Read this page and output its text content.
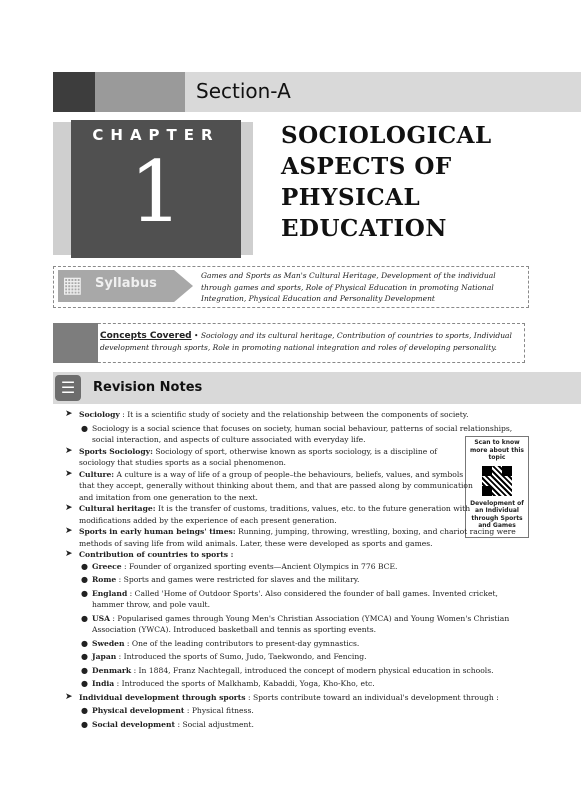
Section-A
CHAPTER
1
SOCIOLOGICAL
ASPECTS OF
PHYSICAL
EDUCATION
▦ Syllabus
Games and Sports as Man's Cultural Heritage, Development of the individual through games and sports, Role of Physical Education in promoting National Integration, Physical Education and Personality Development
Concepts Covered • Sociology and its cultural heritage, Contribution of countries to sports, Individual development through sports, Role in promoting national integration and roles of developing personality.
☰	Revision Notes
Scan to know more about this topic
Development of an Individual through Sports and Games
➤ Sociology : It is a scientific study of society and the relationship between the components of society.
● Sociology is a social science that focuses on society, human social behaviour, patterns of social relationships, social interaction, and aspects of culture associated with everyday life.
➤ Sports Sociology: Sociology of sport, otherwise known as sports sociology, is a discipline of sociology that studies sports as a social phenomenon.
➤ Culture: A culture is a way of life of a group of people–the behaviours, beliefs, values, and symbols that they accept, generally without thinking about them, and that are passed along by communication and imitation from one generation to the next.
➤ Cultural heritage: It is the transfer of customs, traditions, values, etc. to the future generation with modifications added by the experience of each present generation.
➤ Sports in early human beings' times: Running, jumping, throwing, wrestling, boxing, and chariot racing were methods of saving life from wild animals. Later, these were developed as sports and games.
➤ Contribution of countries to sports :
● Greece : Founder of organized sporting events—Ancient Olympics in 776 BCE.
● Rome : Sports and games were restricted for slaves and the military.
● England : Called 'Home of Outdoor Sports'. Also considered the founder of ball games. Invented cricket, hammer throw, and pole vault.
● USA : Popularised games through Young Men's Christian Association (YMCA) and Young Women's Christian Association (YWCA). Introduced basketball and tennis as sporting events.
● Sweden : One of the leading contributors to present-day gymnastics.
● Japan : Introduced the sports of Sumo, Judo, Taekwondo, and Fencing.
● Denmark : In 1884, Franz Nachtegall, introduced the concept of modern physical education in schools.
● India : Introduced the sports of Malkhamb, Kabaddi, Yoga, Kho-Kho, etc.
➤ Individual development through sports : Sports contribute toward an individual's development through :
● Physical development : Physical fitness.
● Social development : Social adjustment.
